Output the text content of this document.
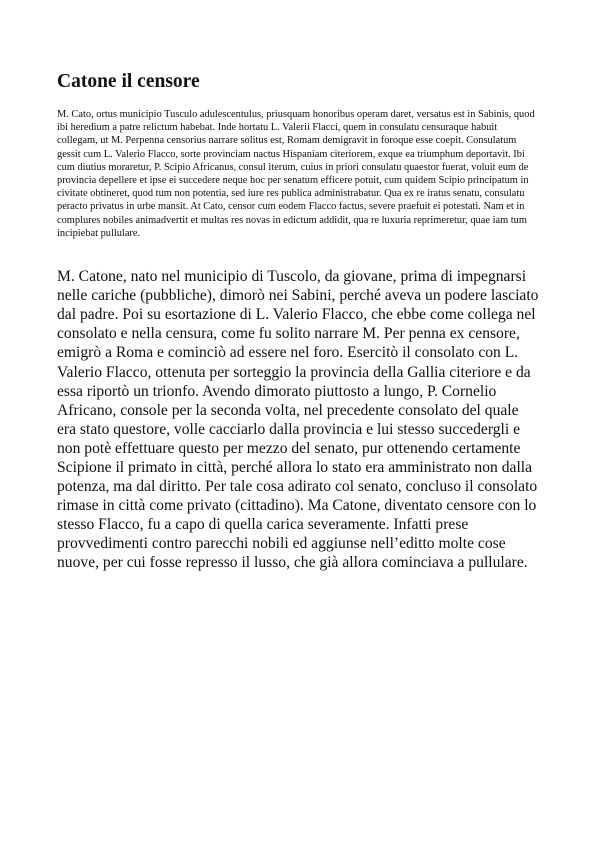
Catone il censore

M. Cato, ortus municipio Tusculo adulescentulus, priusquam honoribus operam daret, versatus est in Sabinis, quod ibi heredium a patre relictum habebat. Inde hortatu L. Valerii Flacci, quem in consulatu censuraque habuit collegam, ut M. Perpenna censorius narrare solitus est, Romam demigravit in foroque esse coepit. Consulatum gessit cum L. Valerio Flacco, sorte provinciam nactus Hispaniam citeriorem, exque ea triumphum deportavit. Ibi cum diutius moraretur, P. Scipio Africanus, consul iterum, cuius in priori consulatu quaestor fuerat, voluit eum de provincia depellere et ipse ei succedere neque hoc per senatum efficere potuit, cum quidem Scipio principatum in civitate obtineret, quod tum non potentia, sed iure res publica administrabatur. Qua ex re iratus senatu, consulatu peracto privatus in urbe mansit. At Cato, censor cum eodem Flacco factus, severe praefuit ei potestati. Nam et in complures nobiles animadvertit et multas res novas in edictum addidit, qua re luxuria reprimeretur, quae iam tum incipiebat pullulare.

M. Catone, nato nel municipio di Tuscolo, da giovane, prima di impegnarsi nelle cariche (pubbliche), dimorò nei Sabini, perché aveva un podere lasciato dal padre. Poi su esortazione di L. Valerio Flacco, che ebbe come collega nel consolato e nella censura, come fu solito narrare M. Per penna ex censore, emigrò a Roma e cominciò ad essere nel foro. Esercitò il consolato con L. Valerio Flacco, ottenuta per sorteggio la provincia della Gallia citeriore e da essa riportò un trionfo. Avendo dimorato piuttosto a lungo, P. Cornelio Africano, console per la seconda volta, nel precedente consolato del quale era stato questore, volle cacciarlo dalla provincia e lui stesso succedergli e non potè effettuare questo per mezzo del senato, pur ottenendo certamente Scipione il primato in città, perché allora lo stato era amministrato non dalla potenza, ma dal diritto. Per tale cosa adirato col senato, concluso il consolato rimase in città come privato (cittadino). Ma Catone, diventato censore con lo stesso Flacco, fu a capo di quella carica severamente. Infatti prese provvedimenti contro parecchi nobili ed aggiunse nell’editto molte cose nuove, per cui fosse represso il lusso, che già allora cominciava a pullulare.
